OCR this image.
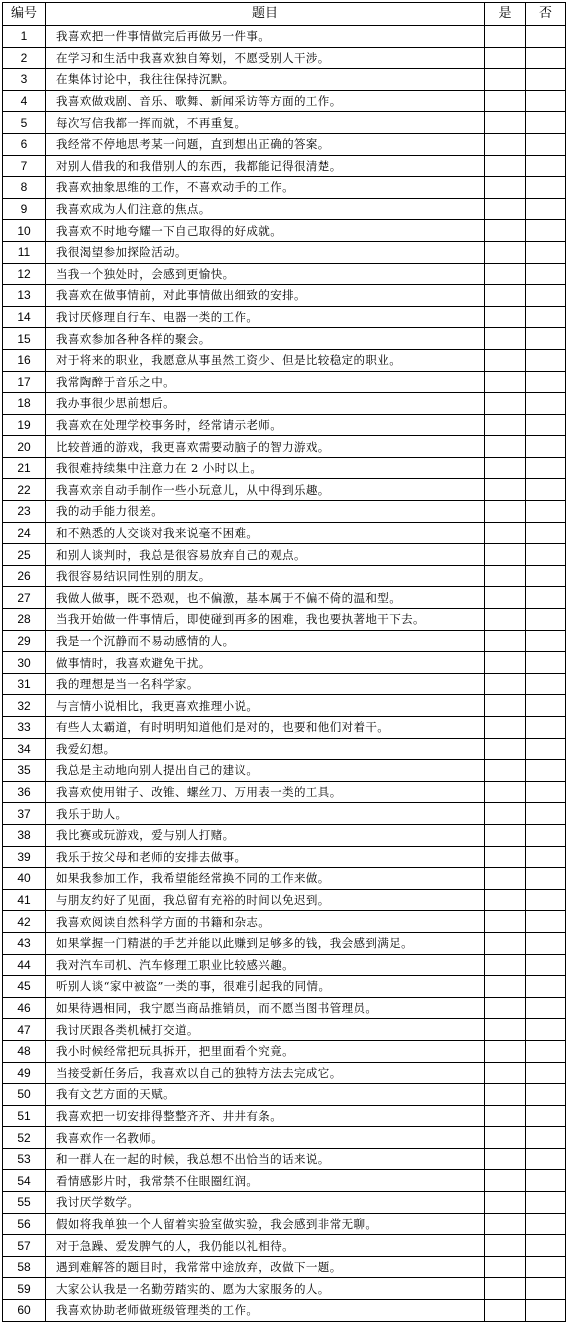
编号	题目	是	否
1	我喜欢把一件事情做完后再做另一件事。		
2	在学习和生活中我喜欢独自筹划，不愿受别人干涉。		
3	在集体讨论中，我往往保持沉默。		
4	我喜欢做戏剧、音乐、歌舞、新闻采访等方面的工作。		
5	每次写信我都一挥而就，不再重复。		
6	我经常不停地思考某一问题，直到想出正确的答案。		
7	对别人借我的和我借别人的东西，我都能记得很清楚。		
8	我喜欢抽象思维的工作，不喜欢动手的工作。		
9	我喜欢成为人们注意的焦点。		
10	我喜欢不时地夸耀一下自己取得的好成就。		
11	我很渴望参加探险活动。		
12	当我一个独处时，会感到更愉快。		
13	我喜欢在做事情前，对此事情做出细致的安排。		
14	我讨厌修理自行车、电器一类的工作。		
15	我喜欢参加各种各样的聚会。		
16	对于将来的职业，我愿意从事虽然工资少、但是比较稳定的职业。		
17	我常陶醉于音乐之中。		
18	我办事很少思前想后。		
19	我喜欢在处理学校事务时，经常请示老师。		
20	比较普通的游戏，我更喜欢需要动脑子的智力游戏。		
21	我很难持续集中注意力在 2 小时以上。		
22	我喜欢亲自动手制作一些小玩意儿，从中得到乐趣。		
23	我的动手能力很差。		
24	和不熟悉的人交谈对我来说毫不困难。		
25	和别人谈判时，我总是很容易放弃自己的观点。		
26	我很容易结识同性别的朋友。		
27	我做人做事，既不恐观，也不偏激，基本属于不偏不倚的温和型。		
28	当我开始做一件事情后，即使碰到再多的困难，我也要执著地干下去。		
29	我是一个沉静而不易动感情的人。		
30	做事情时，我喜欢避免干扰。		
31	我的理想是当一名科学家。		
32	与言情小说相比，我更喜欢推理小说。		
33	有些人太霸道，有时明明知道他们是对的，也要和他们对着干。		
34	我爱幻想。		
35	我总是主动地向别人提出自己的建议。		
36	我喜欢使用钳子、改锥、螺丝刀、万用表一类的工具。		
37	我乐于助人。		
38	我比赛或玩游戏，爱与别人打赌。		
39	我乐于按父母和老师的安排去做事。		
40	如果我参加工作，我希望能经常换不同的工作来做。		
41	与朋友约好了见面，我总留有充裕的时间以免迟到。		
42	我喜欢阅读自然科学方面的书籍和杂志。		
43	如果掌握一门精湛的手艺并能以此赚到足够多的钱，我会感到满足。		
44	我对汽车司机、汽车修理工职业比较感兴趣。		
45	听别人谈“家中被盗”一类的事，很难引起我的同情。		
46	如果待遇相同，我宁愿当商品推销员，而不愿当图书管理员。		
47	我讨厌跟各类机械打交道。		
48	我小时候经常把玩具拆开，把里面看个究竟。		
49	当接受新任务后，我喜欢以自己的独特方法去完成它。		
50	我有文艺方面的天赋。		
51	我喜欢把一切安排得整整齐齐、井井有条。		
52	我喜欢作一名教师。		
53	和一群人在一起的时候，我总想不出恰当的话来说。		
54	看情感影片时，我常禁不住眼圈红润。		
55	我讨厌学数学。		
56	假如将我单独一个人留着实验室做实验，我会感到非常无聊。		
57	对于急躁、爱发脾气的人，我仍能以礼相待。		
58	遇到难解答的题目时，我常常中途放弃，改做下一题。		
59	大家公认我是一名勤劳踏实的、愿为大家服务的人。		
60	我喜欢协助老师做班级管理类的工作。		
